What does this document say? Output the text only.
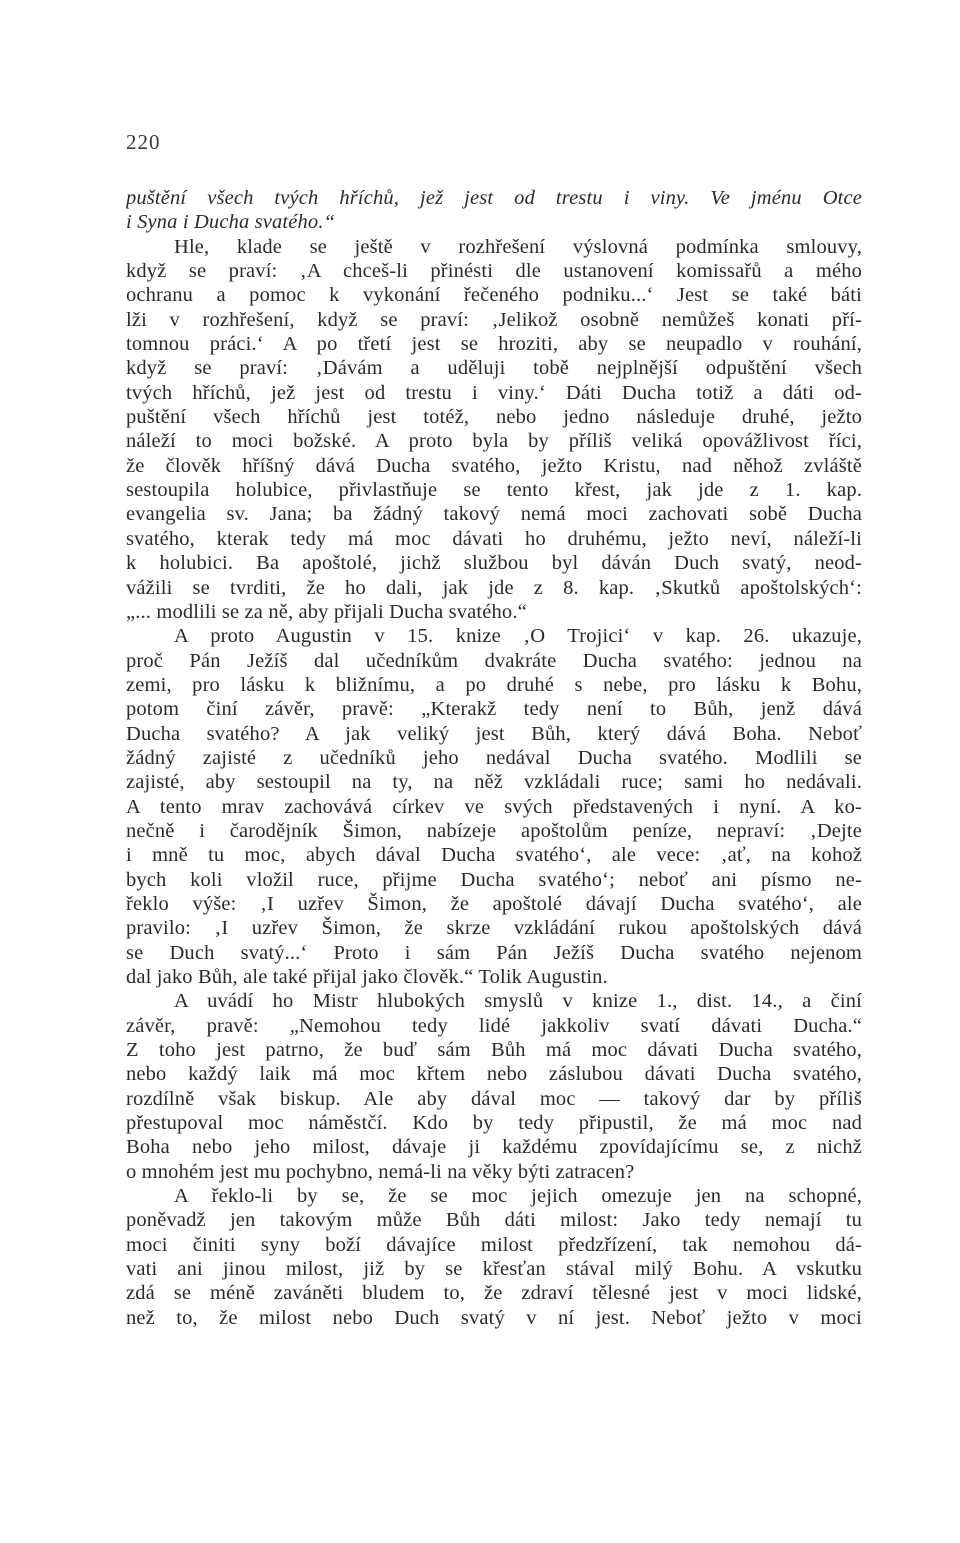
220
puštění všech tvých hříchů, jež jest od trestu i viny. Ve jménu Otce
i Syna i Ducha svatého.“
Hle, klade se ještě v rozhřešení výslovná podmínka smlouvy,
když se praví: ‚A chceš-li přinésti dle ustanovení komissařů a mého
ochranu a pomoc k vykonání řečeného podniku...‘ Jest se také báti
lži v rozhřešení, když se praví: ‚Jelikož osobně nemůžeš konati pří-
tomnou práci.‘ A po třetí jest se hroziti, aby se neupadlo v rouhání,
když se praví: ‚Dávám a uděluji tobě nejplnější odpuštění všech
tvých hříchů, jež jest od trestu i viny.‘ Dáti Ducha totiž a dáti od-
puštění všech hříchů jest totéž, nebo jedno následuje druhé, ježto
náleží to moci božské. A proto byla by příliš veliká opovážlivost říci,
že člověk hříšný dává Ducha svatého, ježto Kristu, nad něhož zvláště
sestoupila holubice, přivlastňuje se tento křest, jak jde z 1. kap.
evangelia sv. Jana; ba žádný takový nemá moci zachovati sobě Ducha
svatého, kterak tedy má moc dávati ho druhému, ježto neví, náleží-li
k holubici. Ba apoštolé, jichž službou byl dáván Duch svatý, neod-
vážili se tvrditi, že ho dali, jak jde z 8. kap. ‚Skutků apoštolských‘:
„... modlili se za ně, aby přijali Ducha svatého.“
A proto Augustin v 15. knize ‚O Trojici‘ v kap. 26. ukazuje,
proč Pán Ježíš dal učedníkům dvakráte Ducha svatého: jednou na
zemi, pro lásku k bližnímu, a po druhé s nebe, pro lásku k Bohu,
potom činí závěr, pravě: „Kterakž tedy není to Bůh, jenž dává
Ducha svatého? A jak veliký jest Bůh, který dává Boha. Neboť
žádný zajisté z učedníků jeho nedával Ducha svatého. Modlili se
zajisté, aby sestoupil na ty, na něž vzkládali ruce; sami ho nedávali.
A tento mrav zachovává církev ve svých představených i nyní. A ko-
nečně i čarodějník Šimon, nabízeje apoštolům peníze, nepraví: ‚Dejte
i mně tu moc, abych dával Ducha svatého‘, ale vece: ‚ať, na kohož
bych koli vložil ruce, přijme Ducha svatého‘; neboť ani písmo ne-
řeklo výše: ‚I uzřev Šimon, že apoštolé dávají Ducha svatého‘, ale
pravilo: ‚I uzřev Šimon, že skrze vzkládání rukou apoštolských dává
se Duch svatý...‘ Proto i sám Pán Ježíš Ducha svatého nejenom
dal jako Bůh, ale také přijal jako člověk.“ Tolik Augustin.
A uvádí ho Mistr hlubokých smyslů v knize 1., dist. 14., a činí
závěr, pravě: „Nemohou tedy lidé jakkoliv svatí dávati Ducha.“
Z toho jest patrno, že buď sám Bůh má moc dávati Ducha svatého,
nebo každý laik má moc křtem nebo záslubou dávati Ducha svatého,
rozdílně však biskup. Ale aby dával moc — takový dar by příliš
přestupoval moc náměstčí. Kdo by tedy připustil, že má moc nad
Boha nebo jeho milost, dávaje ji každému zpovídajícímu se, z nichž
o mnohém jest mu pochybno, nemá-li na věky býti zatracen?
A řeklo-li by se, že se moc jejich omezuje jen na schopné,
poněvadž jen takovým může Bůh dáti milost: Jako tedy nemají tu
moci činiti syny boží dávajíce milost předzřízení, tak nemohou dá-
vati ani jinou milost, již by se křesťan stával milý Bohu. A vskutku
zdá se méně zaváněti bludem to, že zdraví tělesné jest v moci lidské,
než to, že milost nebo Duch svatý v ní jest. Neboť ježto v moci
